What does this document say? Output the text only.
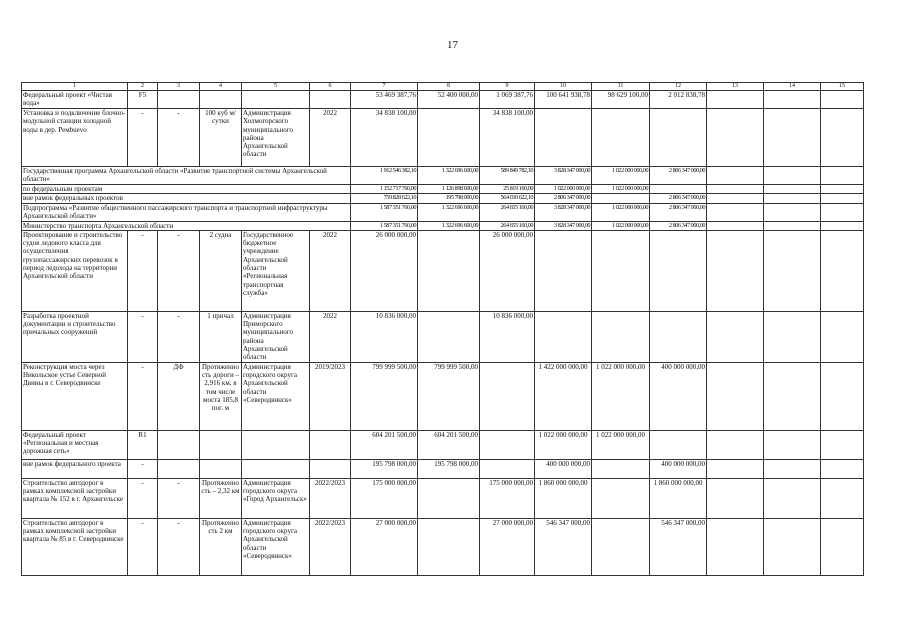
17
1	2	3	4	5	6	7	8	9	10	11	12	13	14	15
Федеральный проект «Чистая вода»	F5					53 469 387,76	52 400 000,00	1 069 387,76	100 641 938,78	98 629 100,00	2 012 838,78			
Установка и подключение блочно-модульной станции холодной воды в дер. Ремbuevo	-	-	100 куб м/сутки	Администрация Холмогорского муниципального района Архангельской области	2022	34 838 100,00		34 838 100,00						
Государственная программа Архангельской области «Развитие транспортной системы Архангельской области»						1 912 546 382,10	1 322 696 600,00	589 849 782,10	3 828 347 000,00	1 022 000 000,00	2 806 347 000,00			
по федеральным проектам						1 152 717 760,00	1 126 898 600,00	25 819 160,00	1 022 000 000,00	1 022 000 000,00				
вне рамок федеральных проектов						759 828 622,10	195 798 000,00	564 030 622,10	2 806 347 000,00		2 806 347 000,00			
Подпрограмма «Развитие общественного пассажирского транспорта и транспортной инфраструктуры Архангельской области»						1 587 351 760,00	1 322 696 600,00	264 655 160,00	3 828 347 000,00	1 022 000 000,00	2 806 347 000,00			
Министерство транспорта Архангельской области						1 587 351 760,00	1 322 696 600,00	264 655 160,00	3 828 347 000,00	1 022 000 000,00	2 806 347 000,00			
Проектирование и строительство судов ледового класса для осуществления грузопассажирских перевозок в период ледохода на территории Архангельской области	-	-	2 судна	Государственное бюджетное учреждение Архангельской области «Региональная транспортная служба»	2022	26 000 000,00		26 000 000,00						
Разработка проектной документации и строительство причальных сооружений	-	-	1 причал	Администрация Приморского муниципального района Архангельской области	2022	10 836 000,00		10 836 000,00						
Реконструкция моста через Никольское устье Северной Двины в г. Северодвинске	-	ДФ	Протяженность дороги – 2,916 км, в том числе моста 185,8 пог. м	Администрация городского округа Архангельской области «Северодвинск»	2019/2023	799 999 500,00	799 999 500,00		1 422 000 000,00	1 022 000 000,00	400 000 000,00			
Федеральный проект «Региональная и местная дорожная сеть»	R1					604 201 500,00	604 201 500,00		1 022 000 000,00	1 022 000 000,00				
вне рамок федерального проекта	-					195 798 000,00	195 798 000,00		400 000 000,00		400 000 000,00			
Строительство автодорог в рамках комплексной застройки квартала № 152 в г. Архангельске	-	-	Протяженность – 2,32 км	Администрация городского округа «Город Архангельск»	2022/2023	175 000 000,00		175 000 000,00	1 860 000 000,00		1 860 000 000,00			
Строительство автодорог в рамках комплексной застройки квартала № 85 в г. Северодвинске	-	-	Протяженность 2 км	Администрация городского округа Архангельской области «Северодвинск»	2022/2023	27 000 000,00		27 000 000,00	546 347 000,00		546 347 000,00			
